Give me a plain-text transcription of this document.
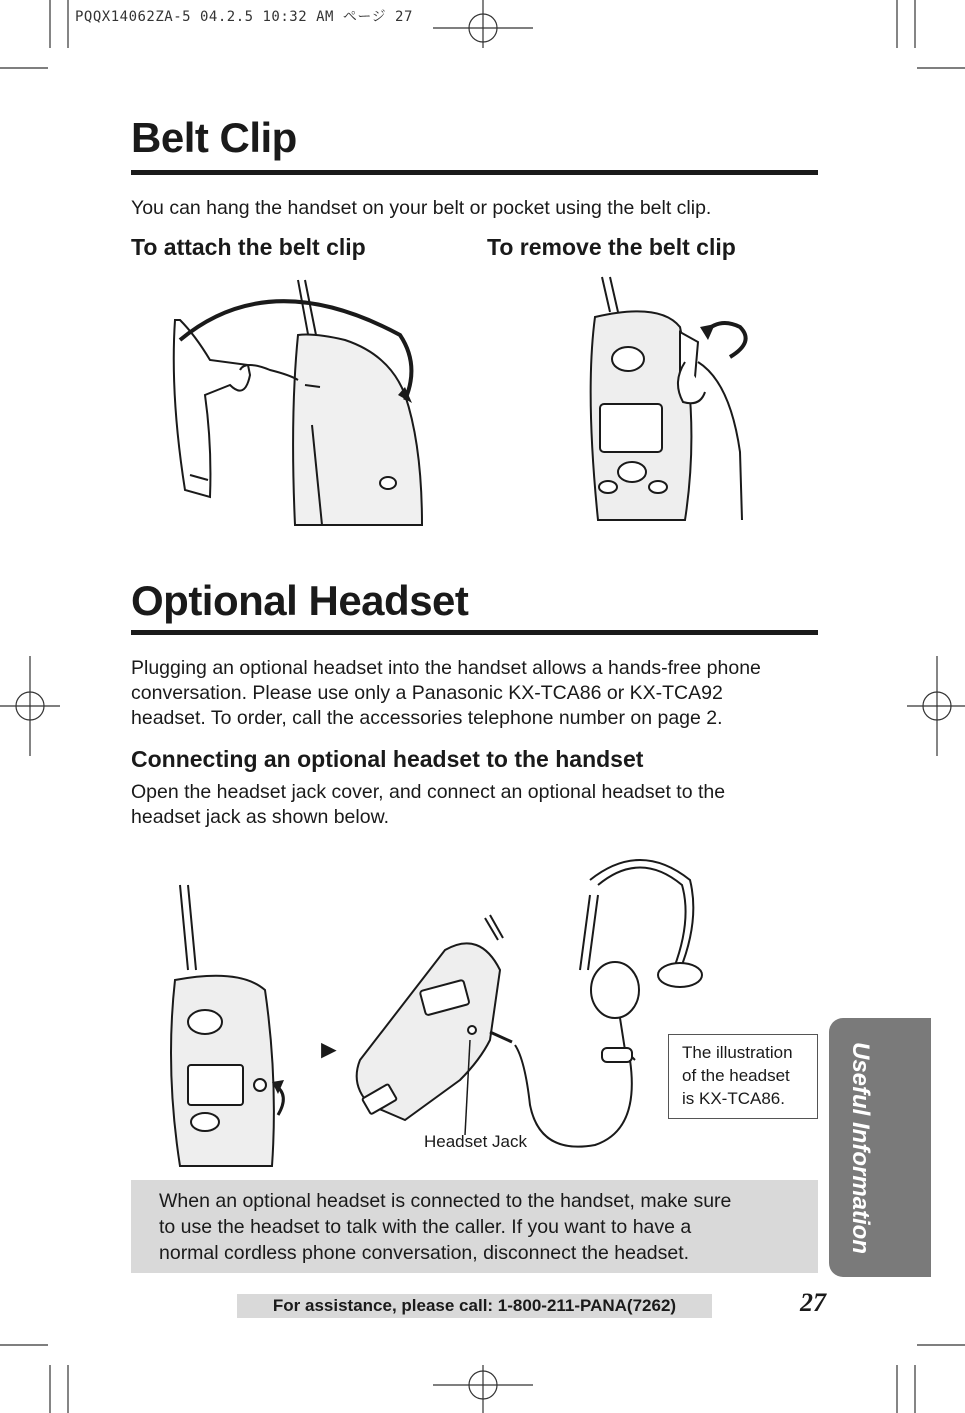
PQQX14062ZA-5 04.2.5 10:32 AM ページ 27
Belt Clip
You can hang the handset on your belt or pocket using the belt clip.
To attach the belt clip	To remove the belt clip
Optional Headset
Plugging an optional headset into the handset allows a hands-free phone
conversation. Please use only a Panasonic KX-TCA86 or KX-TCA92
headset. To order, call the accessories telephone number on page 2.
Connecting an optional headset to the handset
Open the headset jack cover, and connect an optional headset to the
headset jack as shown below.
►
Headset Jack
The illustration
of the headset
is KX-TCA86.
When an optional headset is connected to the handset, make sure
to use the headset to talk with the caller. If you want to have a
normal cordless phone conversation, disconnect the headset.	Useful Information
For assistance, please call: 1-800-211-PANA(7262)	27
